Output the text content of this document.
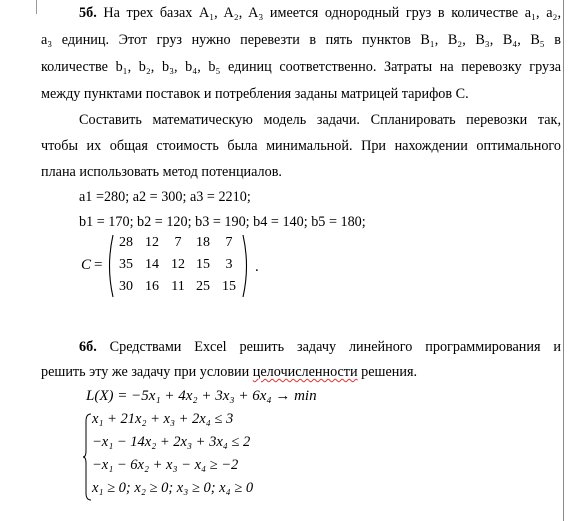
5б. На трех базах A₁, A₂, A₃ имеется однородный груз в количестве a₁, a₂,
a₃ единиц. Этот груз нужно перевезти в пять пунктов B₁, B₂, B₃, B₄, B₅ в
количестве b₁, b₂, b₃, b₄, b₅ единиц соответственно. Затраты на перевозку груза
между пунктами поставок и потребления заданы матрицей тарифов C.
Составить математическую модель задачи. Спланировать перевозки так,
чтобы их общая стоимость была минимальной. При нахождении оптимального
плана использовать метод потенциалов.
a1 =280; a2 = 300; a3 = 2210;
b1 = 170; b2 = 120; b3 = 190; b4 = 140; b5 = 180;
C =
28 12	7	18	7
35 14 12 15	3
30 16 11 25 15
.
6б. Средствами Excel решить задачу линейного программирования и
решить эту же задачу при условии целочисленности решения.
L(X) = −5x₁ + 4x₂ + 3x₃ + 6x₄ → min
x₁ + 21x₂ + x₃ + 2x₄ ≤ 3
−x₁ − 14x₂ + 2x₃ + 3x₄ ≤ 2
−x₁ − 6x₂ + x₃ − x₄ ≥ −2
x₁ ≥ 0; x₂ ≥ 0; x₃ ≥ 0; x₄ ≥ 0
